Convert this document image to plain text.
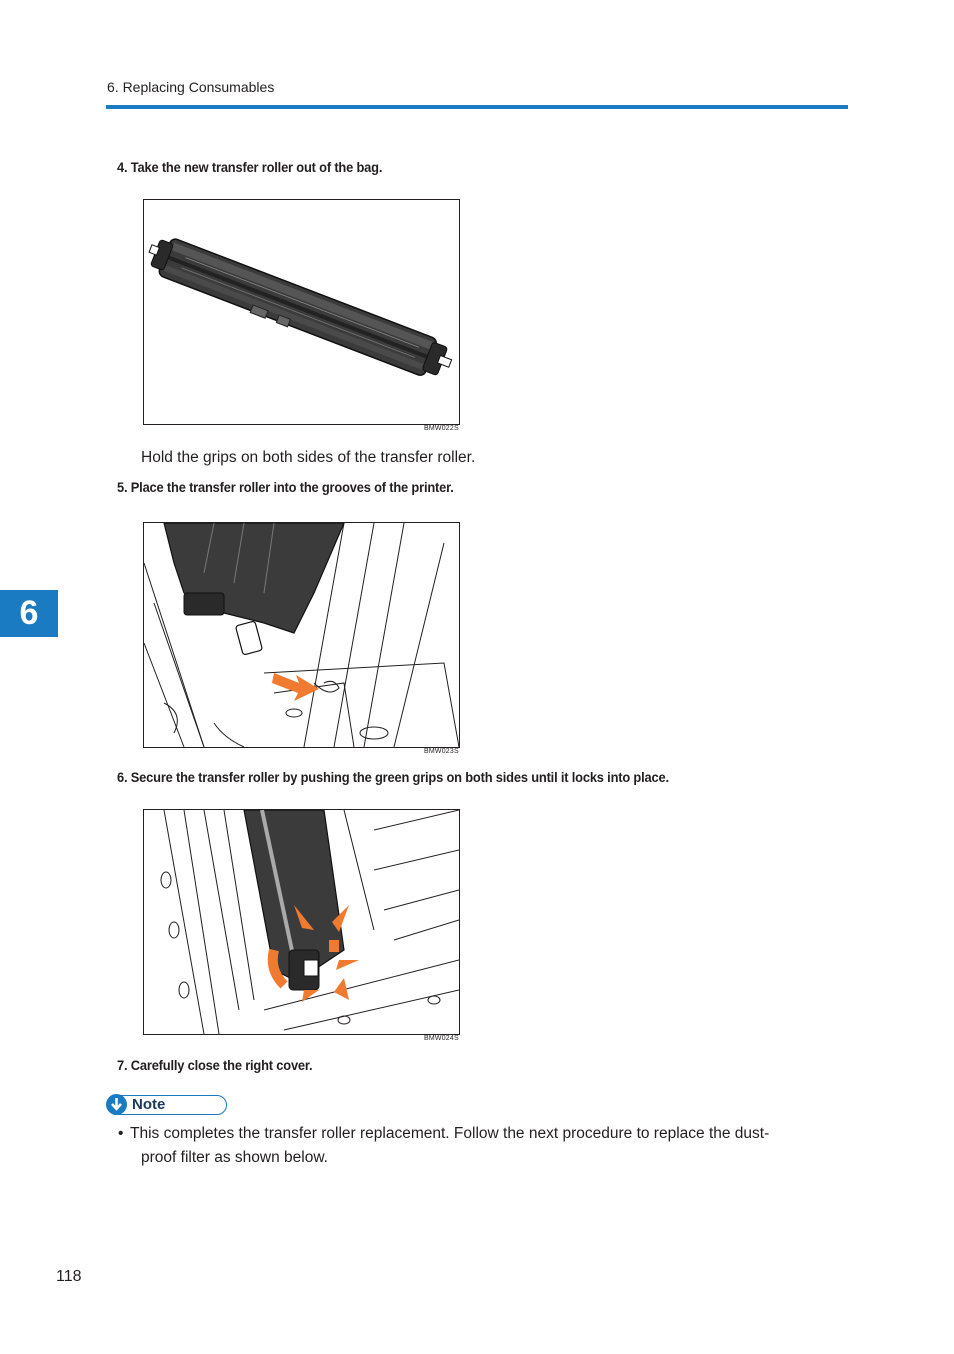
6. Replacing Consumables
6
4. Take the new transfer roller out of the bag.
BMW022S
Hold the grips on both sides of the transfer roller.
5. Place the transfer roller into the grooves of the printer.
BMW023S
6. Secure the transfer roller by pushing the green grips on both sides until it locks into place.
BMW024S
7. Carefully close the right cover.
Note
• This completes the transfer roller replacement. Follow the next procedure to replace the dust-
proof filter as shown below.
118
